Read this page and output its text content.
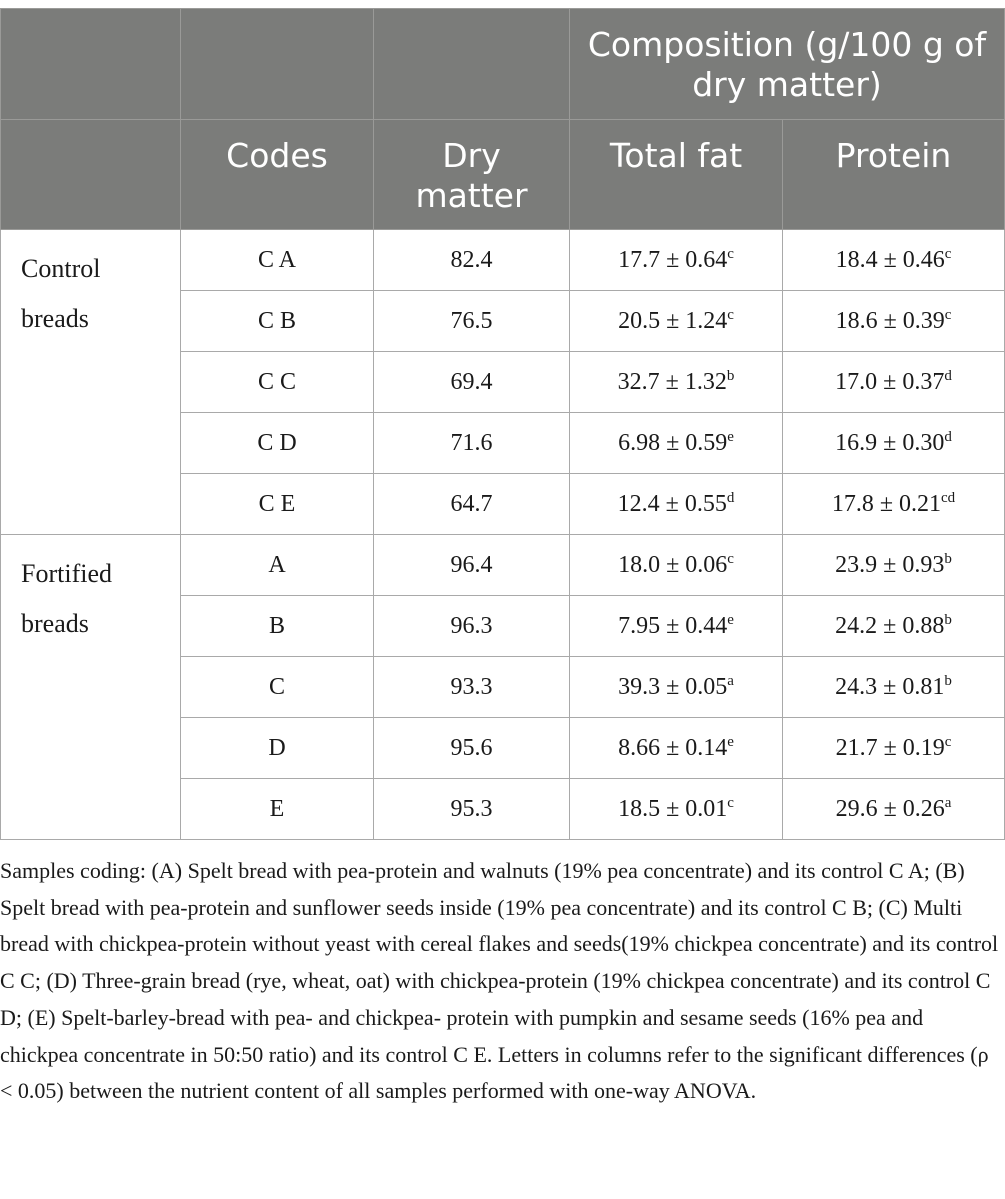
			Composition (g/100 g of dry matter)	
	Codes	Dry matter	Total fat	Protein
Control breads	C A	82.4	17.7 ± 0.64$^c$	18.4 ± 0.46$^c$
	C B	76.5	20.5 ± 1.24$^c$	18.6 ± 0.39$^c$
	C C	69.4	32.7 ± 1.32$^b$	17.0 ± 0.37$^d$
	C D	71.6	6.98 ± 0.59$^e$	16.9 ± 0.30$^d$
	C E	64.7	12.4 ± 0.55$^d$	17.8 ± 0.21$^{cd}$
Fortified breads	A	96.4	18.0 ± 0.06$^c$	23.9 ± 0.93$^b$
	B	96.3	7.95 ± 0.44$^e$	24.2 ± 0.88$^b$
	C	93.3	39.3 ± 0.05$^a$	24.3 ± 0.81$^b$
	D	95.6	8.66 ± 0.14$^e$	21.7 ± 0.19$^c$
	E	95.3	18.5 ± 0.01$^c$	29.6 ± 0.26$^a$

Samples coding: (A) Spelt bread with pea-protein and walnuts (19% pea concentrate) and its control C A; (B) Spelt bread with pea-protein and sunflower seeds inside (19% pea concentrate) and its control C B; (C) Multi bread with chickpea-protein without yeast with cereal flakes and seeds(19% chickpea concentrate) and its control C C; (D) Three-grain bread (rye, wheat, oat) with chickpea-protein (19% chickpea concentrate) and its control C D; (E) Spelt-barley-bread with pea- and chickpea- protein with pumpkin and sesame seeds (16% pea and chickpea concentrate in 50:50 ratio) and its control C E. Letters in columns refer to the significant differences (ρ < 0.05) between the nutrient content of all samples performed with one-way ANOVA.
